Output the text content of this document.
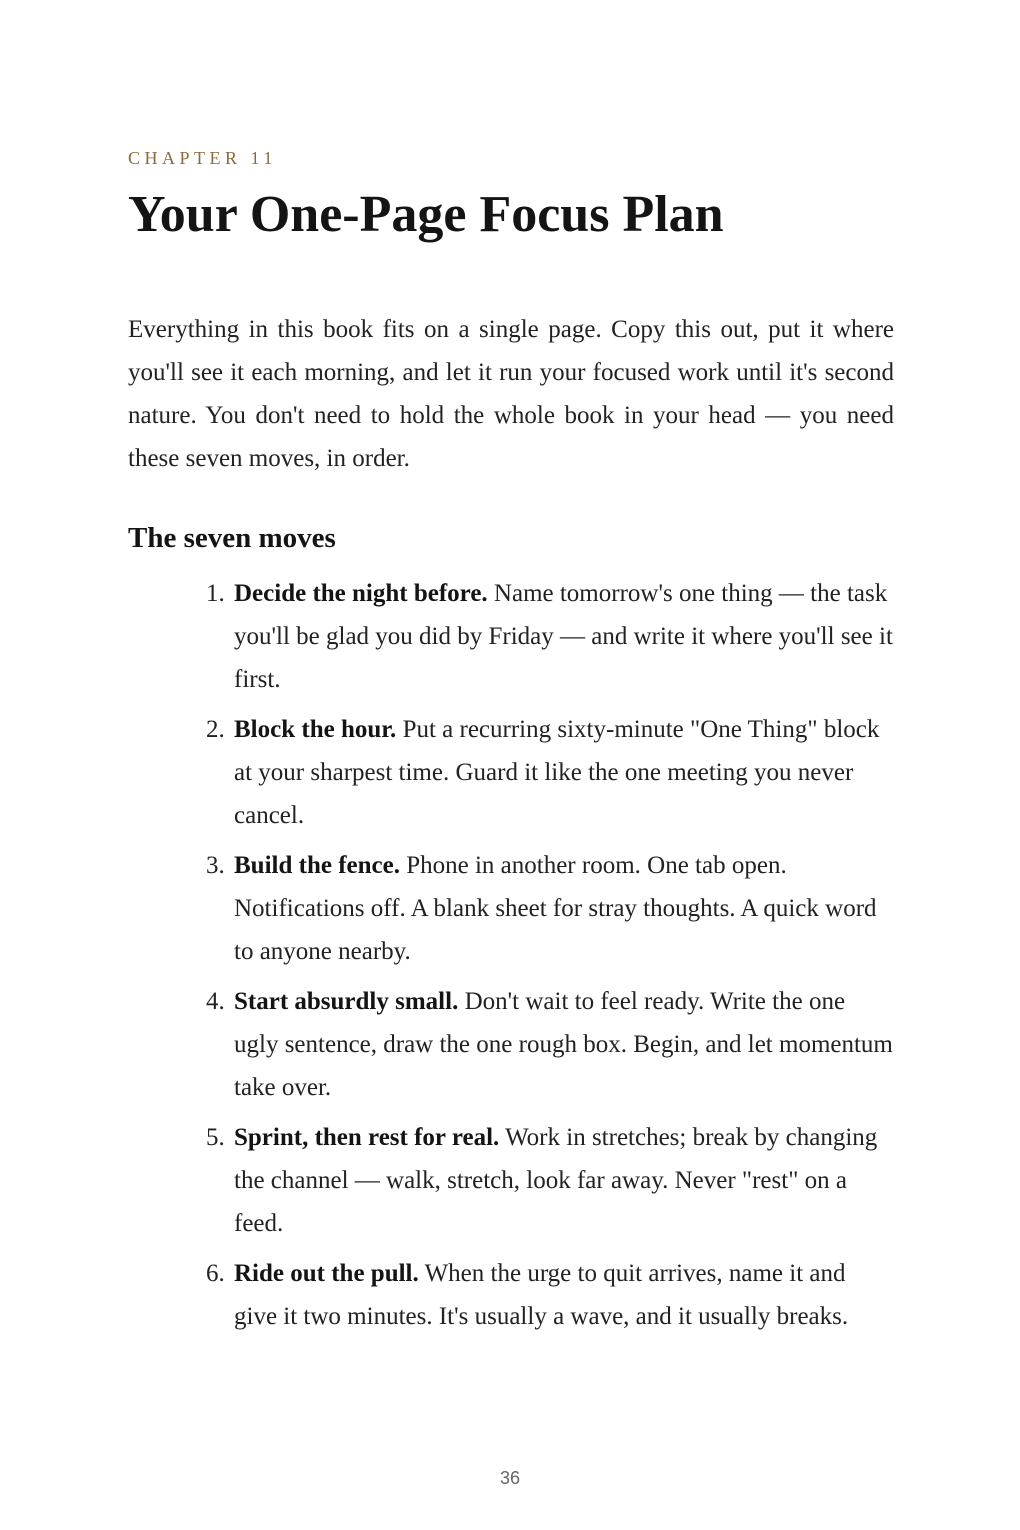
CHAPTER 11
Your One-Page Focus Plan

Everything in this book fits on a single page. Copy this out, put it where you'll see it each morning, and let it run your focused work until it's second nature. You don't need to hold the whole book in your head — you need these seven moves, in order.

The seven moves
1. Decide the night before. Name tomorrow's one thing — the task you'll be glad you did by Friday — and write it where you'll see it first.
2. Block the hour. Put a recurring sixty-minute "One Thing" block at your sharpest time. Guard it like the one meeting you never cancel.
3. Build the fence. Phone in another room. One tab open. Notifications off. A blank sheet for stray thoughts. A quick word to anyone nearby.
4. Start absurdly small. Don't wait to feel ready. Write the one ugly sentence, draw the one rough box. Begin, and let momentum take over.
5. Sprint, then rest for real. Work in stretches; break by changing the channel — walk, stretch, look far away. Never "rest" on a feed.
6. Ride out the pull. When the urge to quit arrives, name it and give it two minutes. It's usually a wave, and it usually breaks.
36
